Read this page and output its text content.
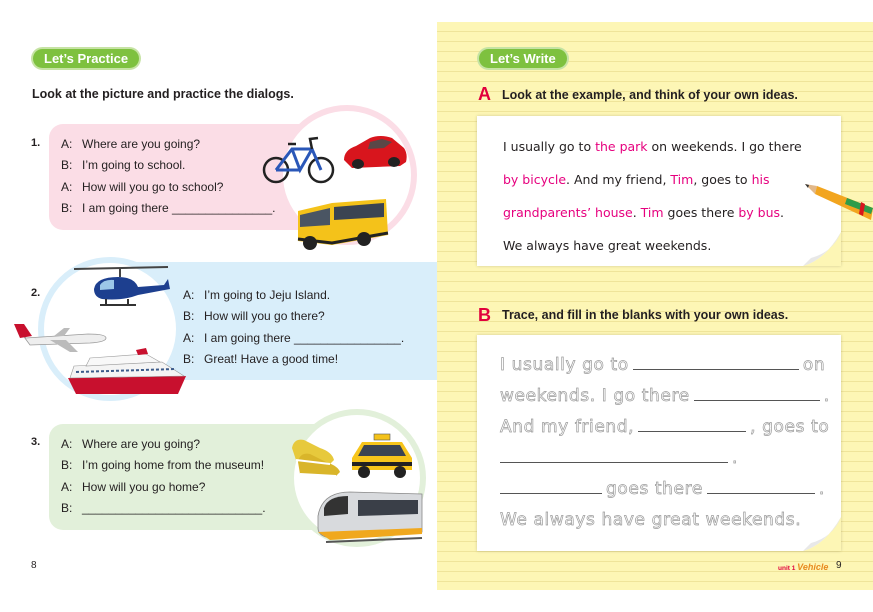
Let’s Practice
Look at the picture and practice the dialogs.
1. A: Where are you going?
B: I’m going to school.
A: How will you go to school?
B: I am going there _______________.
2.	A: I’m going to Jeju Island.
B: How will you go there?
A: I am going there ________________.
B: Great! Have a good time!
3. A: Where are you going?
B: I’m going home from the museum!
A: How will you go home?
B: ___________________________.
8
Let’s Write
A Look at the example, and think of your own ideas.
I usually go to the park on weekends. I go there
by bicycle. And my friend, Tim, goes to his
grandparents’ house. Tim goes there by bus.
We always have great weekends.
B Trace, and fill in the blanks with your own ideas.
I usually go to	on
weekends. I go there	.
And my friend,	, goes to
.
goes there	.
We always have great weekends.
unit 1 Vehicle 9
